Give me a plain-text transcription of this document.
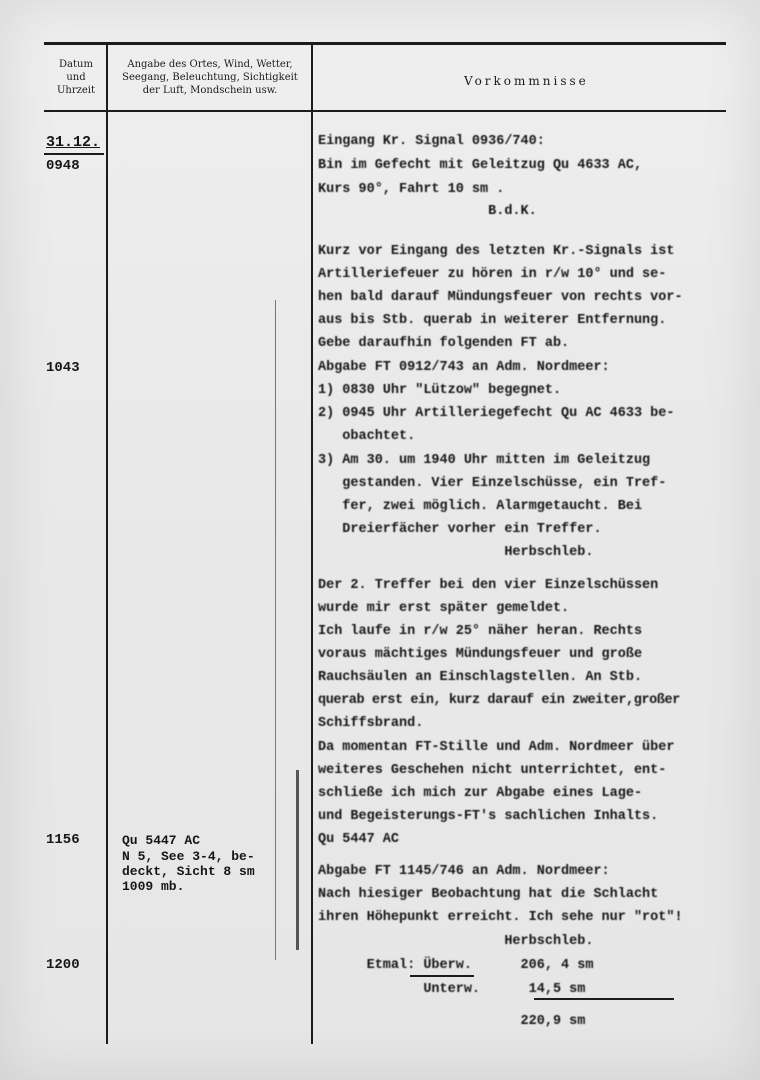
Datum
und
Uhrzeit
Angabe des Ortes, Wind, Wetter,
Seegang, Beleuchtung, Sichtigkeit
der Luft, Mondschein usw.
Vorkommnisse
31.12.
0948
1043
1156
1200
Qu 5447 AC
N 5, See 3-4, be-
deckt, Sicht 8 sm
1009 mb.
Eingang Kr. Signal 0936/740:
Bin im Gefecht mit Geleitzug Qu 4633 AC,
Kurs 90°, Fahrt 10 sm .
B.d.K.
Kurz vor Eingang des letzten Kr.-Signals ist
Artilleriefeuer zu hören in r/w 10° und se-
hen bald darauf Mündungsfeuer von rechts vor-
aus bis Stb. querab in weiterer Entfernung.
Gebe daraufhin folgenden FT ab.
Abgabe FT 0912/743 an Adm. Nordmeer:
1) 0830 Uhr "Lützow" begegnet.
2) 0945 Uhr Artilleriegefecht Qu AC 4633 be-
obachtet.
3) Am 30. um 1940 Uhr mitten im Geleitzug
gestanden. Vier Einzelschüsse, ein Tref-
fer, zwei möglich. Alarmgetaucht. Bei
Dreierfächer vorher ein Treffer.
Herbschleb.
Der 2. Treffer bei den vier Einzelschüssen
wurde mir erst später gemeldet.
Ich laufe in r/w 25° näher heran. Rechts
voraus mächtiges Mündungsfeuer und große
Rauchsäulen an Einschlagstellen. An Stb.
querab erst ein, kurz darauf ein zweiter,großer
Schiffsbrand.
Da momentan FT-Stille und Adm. Nordmeer über
weiteres Geschehen nicht unterrichtet, ent-
schließe ich mich zur Abgabe eines Lage-
und Begeisterungs-FT's sachlichen Inhalts.
Qu 5447 AC
Abgabe FT 1145/746 an Adm. Nordmeer:
Nach hiesiger Beobachtung hat die Schlacht
ihren Höhepunkt erreicht. Ich sehe nur "rot"!
Herbschleb.
Etmal: Überw.      206, 4 sm
Unterw.      14,5 sm
220,9 sm
